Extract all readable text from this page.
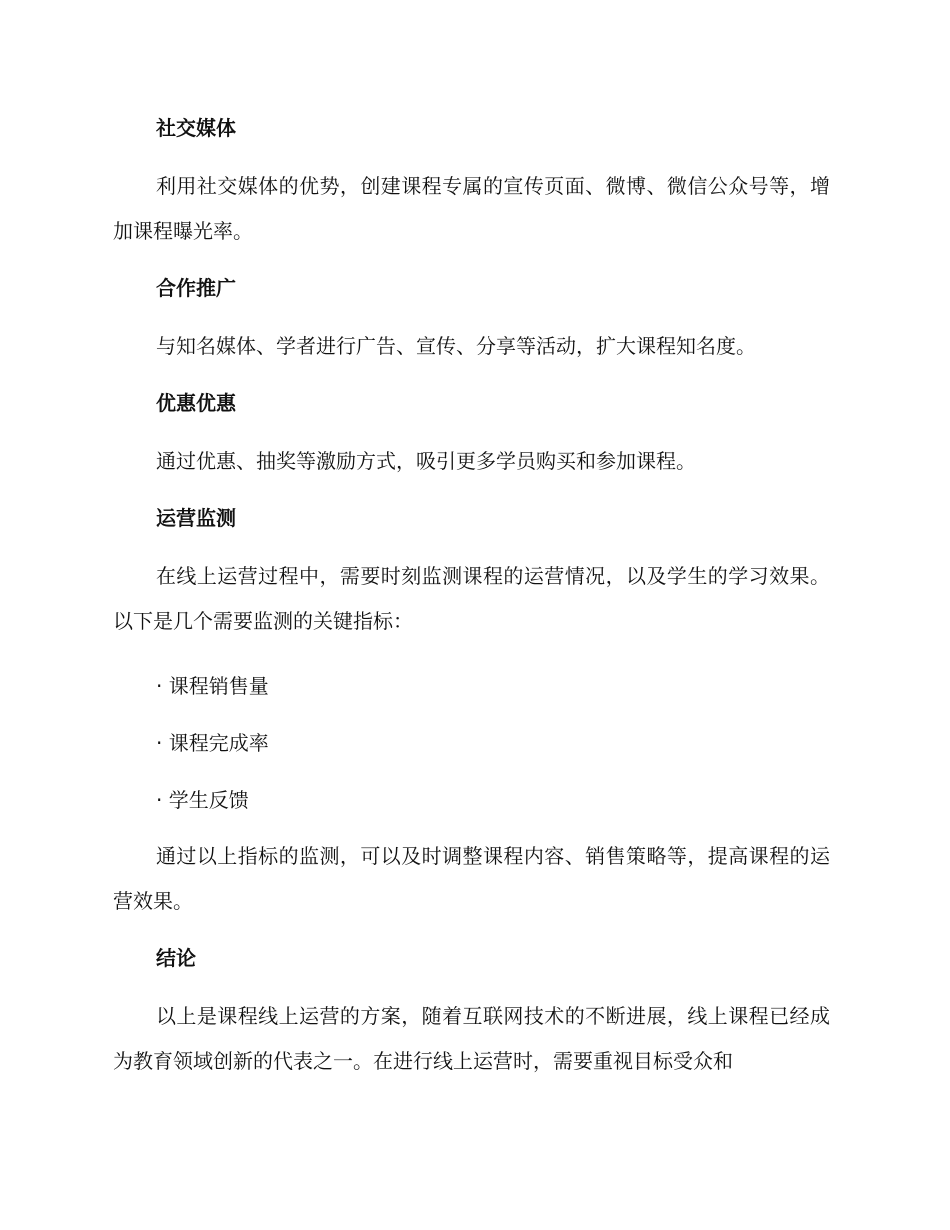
社交媒体

利用社交媒体的优势，创建课程专属的宣传页面、微博、微信公众号等，增加课程曝光率。

合作推广

与知名媒体、学者进行广告、宣传、分享等活动，扩大课程知名度。

优惠优惠

通过优惠、抽奖等激励方式，吸引更多学员购买和参加课程。

运营监测

在线上运营过程中，需要时刻监测课程的运营情况，以及学生的学习效果。以下是几个需要监测的关键指标：

· 课程销售量
· 课程完成率
· 学生反馈

通过以上指标的监测，可以及时调整课程内容、销售策略等，提高课程的运营效果。

结论

以上是课程线上运营的方案，随着互联网技术的不断进展，线上课程已经成为教育领域创新的代表之一。在进行线上运营时，需要重视目标受众和
